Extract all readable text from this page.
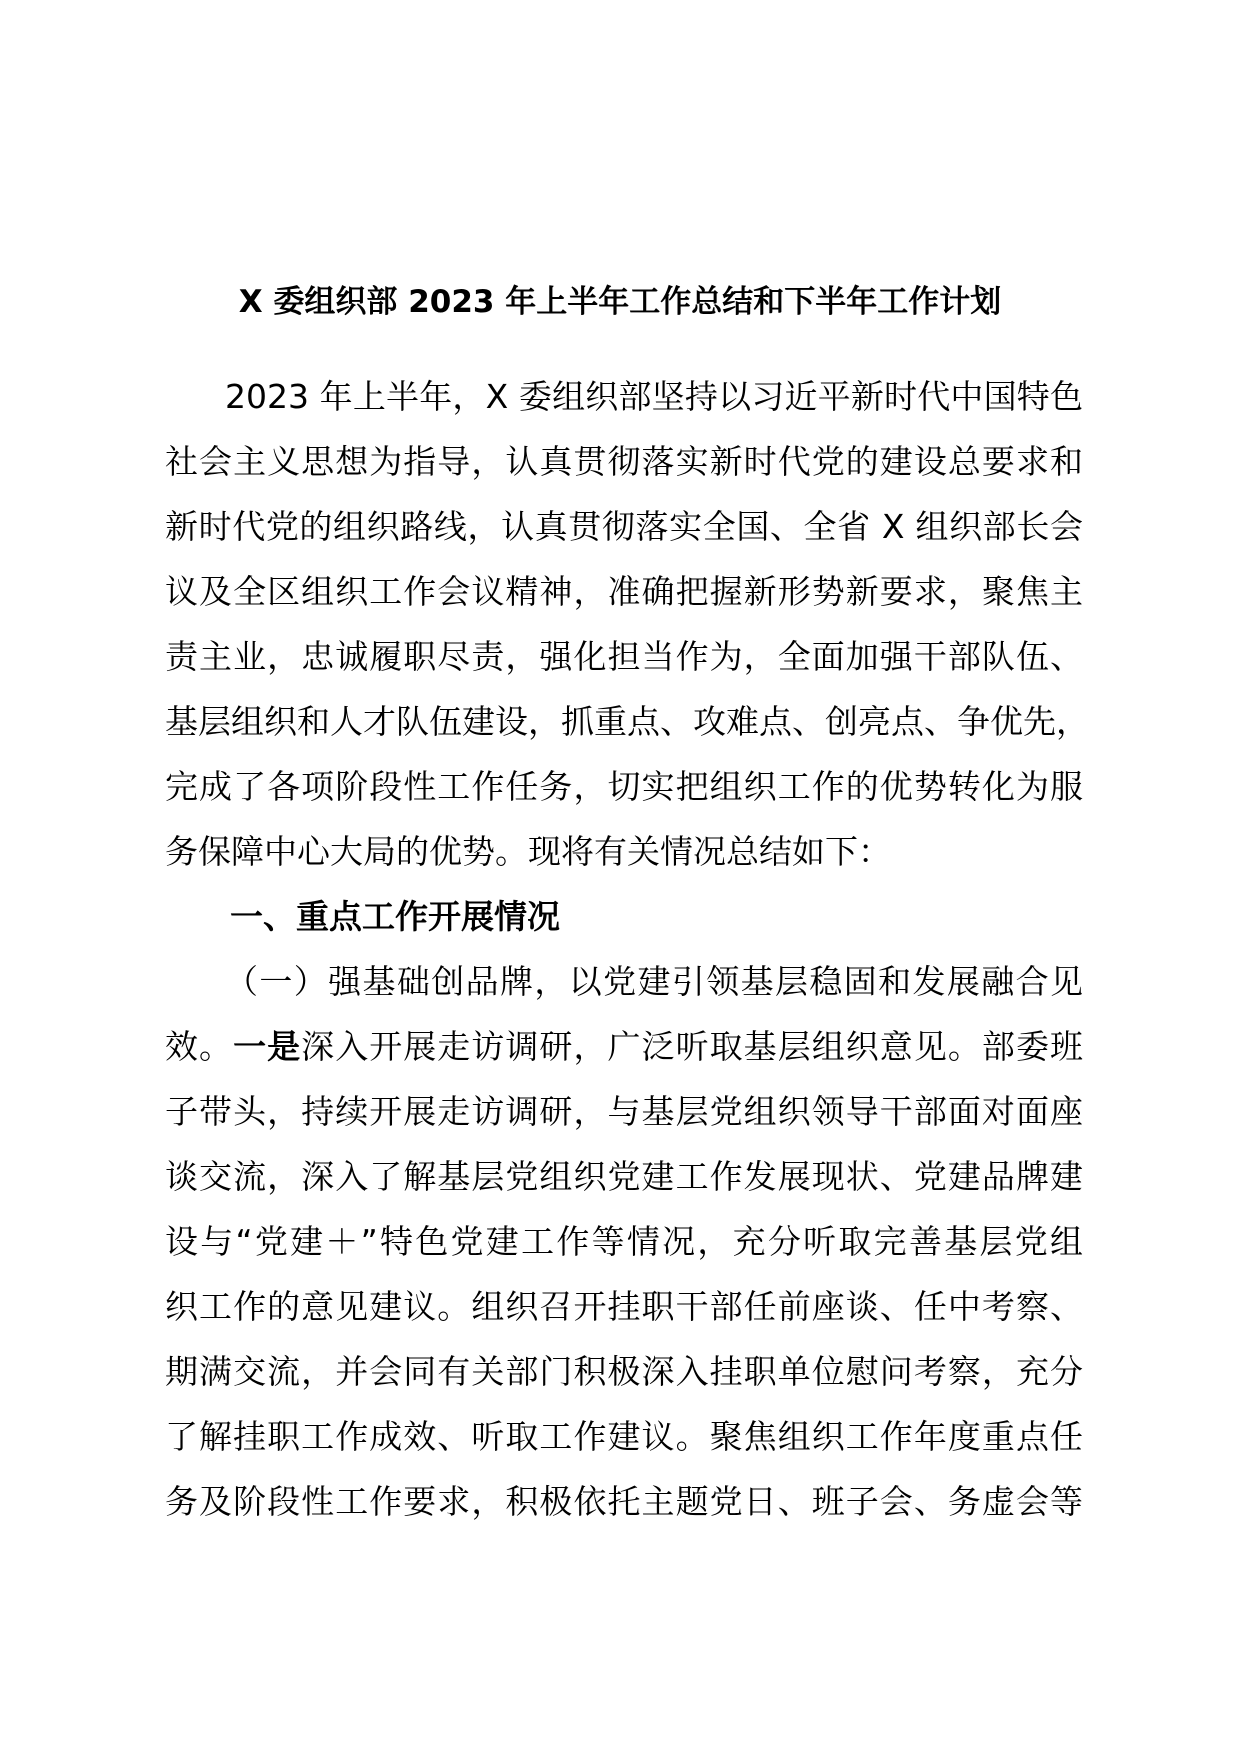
X 委组织部 2023 年上半年工作总结和下半年工作计划
2023 年上半年，X 委组织部坚持以习近平新时代中国特色
社会主义思想为指导，认真贯彻落实新时代党的建设总要求和
新时代党的组织路线，认真贯彻落实全国、全省 X 组织部长会
议及全区组织工作会议精神，准确把握新形势新要求，聚焦主
责主业，忠诚履职尽责，强化担当作为，全面加强干部队伍、
基层组织和人才队伍建设，抓重点、攻难点、创亮点、争优先，
完成了各项阶段性工作任务，切实把组织工作的优势转化为服
务保障中心大局的优势。现将有关情况总结如下：
一、重点工作开展情况
（一）强基础创品牌，以党建引领基层稳固和发展融合见
效。一是深入开展走访调研，广泛听取基层组织意见。部委班
子带头，持续开展走访调研，与基层党组织领导干部面对面座
谈交流，深入了解基层党组织党建工作发展现状、党建品牌建
设与“党建＋”特色党建工作等情况，充分听取完善基层党组
织工作的意见建议。组织召开挂职干部任前座谈、任中考察、
期满交流，并会同有关部门积极深入挂职单位慰问考察，充分
了解挂职工作成效、听取工作建议。聚焦组织工作年度重点任
务及阶段性工作要求，积极依托主题党日、班子会、务虚会等
